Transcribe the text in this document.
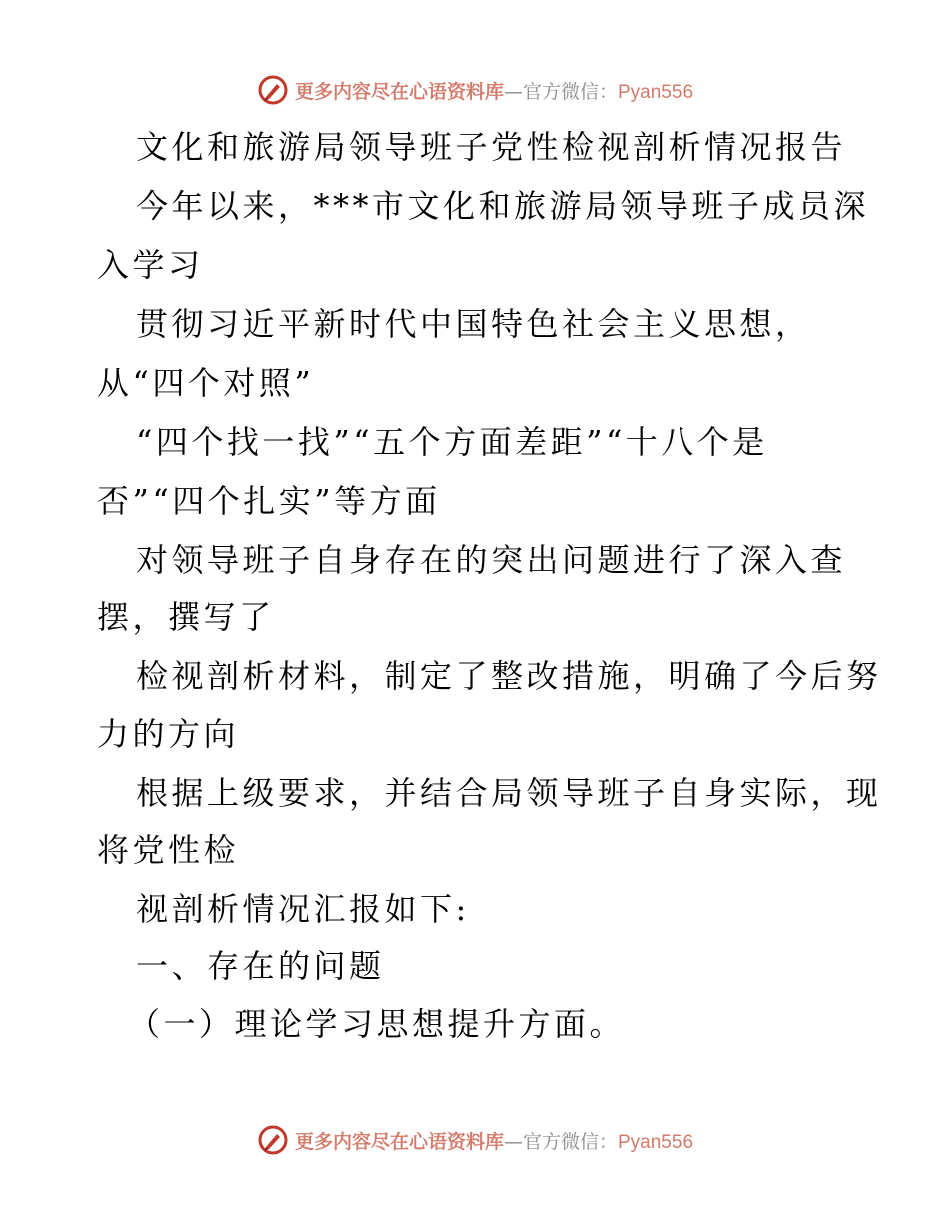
更多内容尽在心语资料库—官方微信：Pyan556
文化和旅游局领导班子党性检视剖析情况报告
今年以来，***市文化和旅游局领导班子成员深
入学习
贯彻习近平新时代中国特色社会主义思想，
从“四个对照”
“四个找一找”“五个方面差距”“十八个是
否”“四个扎实”等方面
对领导班子自身存在的突出问题进行了深入查
摆，撰写了
检视剖析材料，制定了整改措施，明确了今后努
力的方向
根据上级要求，并结合局领导班子自身实际，现
将党性检
视剖析情况汇报如下:
一、存在的问题
（一）理论学习思想提升方面。
更多内容尽在心语资料库—官方微信：Pyan556
